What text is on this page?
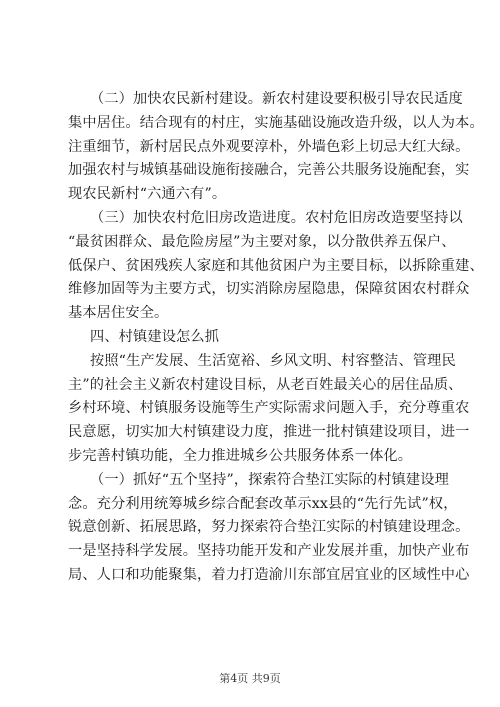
（二）加快农民新村建设。新农村建设要积极引导农民适度
集中居住。结合现有的村庄，实施基础设施改造升级，以人为本。
注重细节，新村居民点外观要淳朴，外墙色彩上切忌大红大绿。
加强农村与城镇基础设施衔接融合，完善公共服务设施配套，实
现农民新村“六通六有”。
（三）加快农村危旧房改造进度。农村危旧房改造要坚持以
“最贫困群众、最危险房屋”为主要对象，以分散供养五保户、
低保户、贫困残疾人家庭和其他贫困户为主要目标，以拆除重建、
维修加固等为主要方式，切实消除房屋隐患，保障贫困农村群众
基本居住安全。
四、村镇建设怎么抓
按照“生产发展、生活宽裕、乡风文明、村容整洁、管理民
主”的社会主义新农村建设目标，从老百姓最关心的居住品质、
乡村环境、村镇服务设施等生产实际需求问题入手，充分尊重农
民意愿，切实加大村镇建设力度，推进一批村镇建设项目，进一
步完善村镇功能，全力推进城乡公共服务体系一体化。
（一）抓好“五个坚持”，探索符合垫江实际的村镇建设理
念。充分利用统筹城乡综合配套改革示xx县的“先行先试”权，
锐意创新、拓展思路，努力探索符合垫江实际的村镇建设理念。
一是坚持科学发展。坚持功能开发和产业发展并重，加快产业布
局、人口和功能聚集，着力打造渝川东部宜居宜业的区域性中心
第4页 共9页
